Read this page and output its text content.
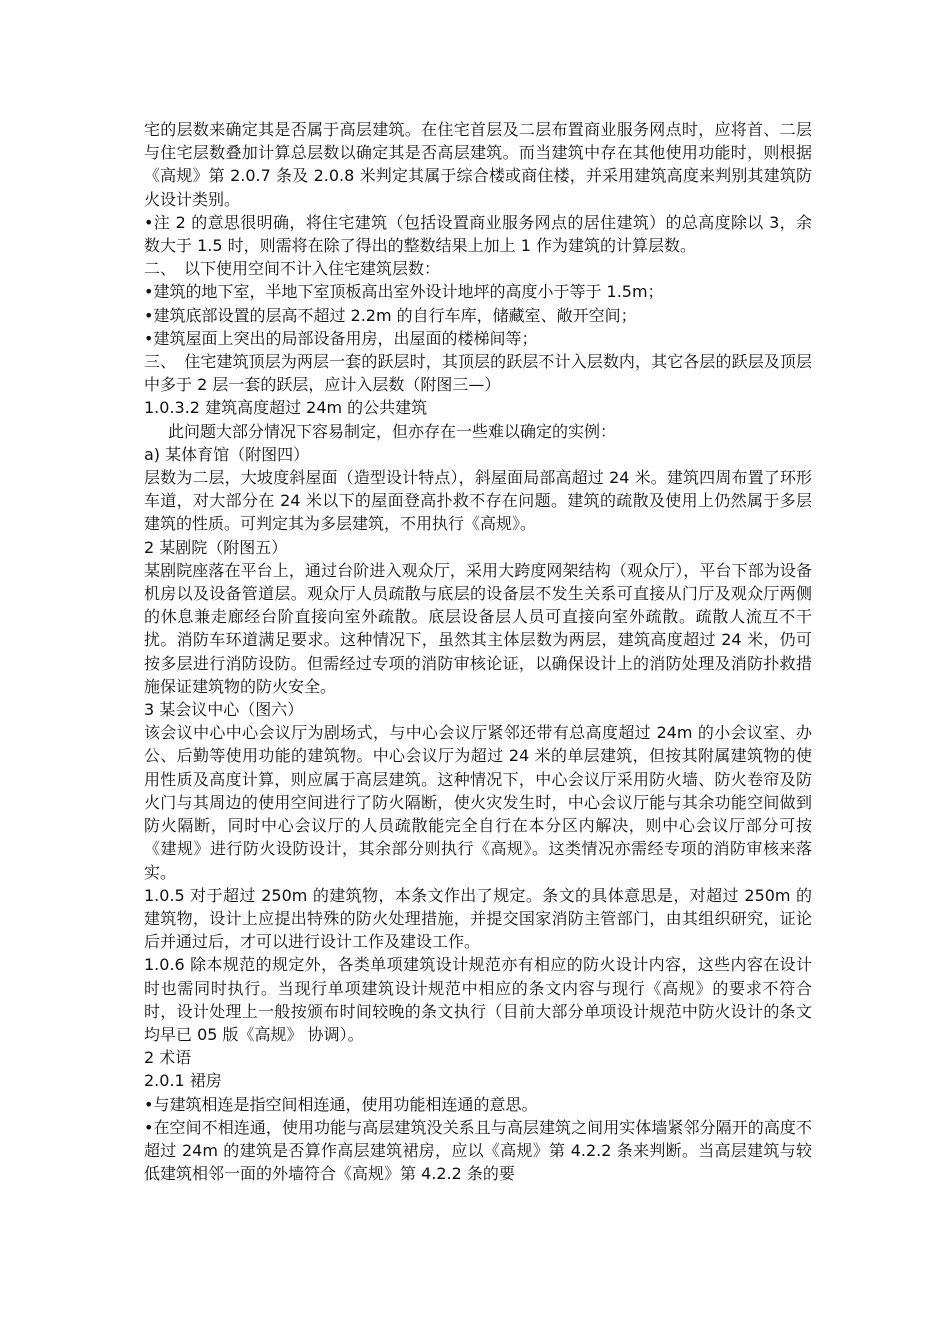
宅的层数来确定其是否属于高层建筑。在住宅首层及二层布置商业服务网点时，应将首、二层与住宅层数叠加计算总层数以确定其是否高层建筑。而当建筑中存在其他使用功能时，则根据《高规》第 2.0.7 条及 2.0.8 米判定其属于综合楼或商住楼，并采用建筑高度来判别其建筑防火设计类别。

•注 2 的意思很明确，将住宅建筑（包括设置商业服务网点的居住建筑）的总高度除以 3，余数大于 1.5 时，则需将在除了得出的整数结果上加上 1 作为建筑的计算层数。

二、　以下使用空间不计入住宅建筑层数：

•建筑的地下室，半地下室顶板高出室外设计地坪的高度小于等于 1.5m；

•建筑底部设置的层高不超过 2.2m 的自行车库，储藏室、敞开空间；

•建筑屋面上突出的局部设备用房，出屋面的楼梯间等；

三、　住宅建筑顶层为两层一套的跃层时，其顶层的跃层不计入层数内，其它各层的跃层及顶层中多于 2 层一套的跃层，应计入层数（附图三—）

1.0.3.2 建筑高度超过 24m 的公共建筑

此问题大部分情况下容易制定，但亦存在一些难以确定的实例：

a) 某体育馆（附图四）

层数为二层，大坡度斜屋面（造型设计特点），斜屋面局部高超过 24 米。建筑四周布置了环形车道，对大部分在 24 米以下的屋面登高扑救不存在问题。建筑的疏散及使用上仍然属于多层建筑的性质。可判定其为多层建筑，不用执行《高规》。

2 某剧院（附图五）

某剧院座落在平台上，通过台阶进入观众厅，采用大跨度网架结构（观众厅），平台下部为设备机房以及设备管道层。观众厅人员疏散与底层的设备层不发生关系可直接从门厅及观众厅两侧的休息兼走廊经台阶直接向室外疏散。底层设备层人员可直接向室外疏散。疏散人流互不干扰。消防车环道满足要求。这种情况下，虽然其主体层数为两层，建筑高度超过 24 米，仍可按多层进行消防设防。但需经过专项的消防审核论证，以确保设计上的消防处理及消防扑救措施保证建筑物的防火安全。

3 某会议中心（图六）

该会议中心中心会议厅为剧场式，与中心会议厅紧邻还带有总高度超过 24m 的小会议室、办公、后勤等使用功能的建筑物。中心会议厅为超过 24 米的单层建筑，但按其附属建筑物的使用性质及高度计算，则应属于高层建筑。这种情况下，中心会议厅采用防火墙、防火卷帘及防火门与其周边的使用空间进行了防火隔断，使火灾发生时，中心会议厅能与其余功能空间做到防火隔断，同时中心会议厅的人员疏散能完全自行在本分区内解决，则中心会议厅部分可按《建规》进行防火设防设计，其余部分则执行《高规》。这类情况亦需经专项的消防审核来落实。

1.0.5 对于超过 250m 的建筑物，本条文作出了规定。条文的具体意思是，对超过 250m 的建筑物，设计上应提出特殊的防火处理措施，并提交国家消防主管部门，由其组织研究，证论后并通过后，才可以进行设计工作及建设工作。

1.0.6 除本规范的规定外，各类单项建筑设计规范亦有相应的防火设计内容，这些内容在设计时也需同时执行。当现行单项建筑设计规范中相应的条文内容与现行《高规》的要求不符合时，设计处理上一般按颁布时间较晚的条文执行（目前大部分单项设计规范中防火设计的条文均早已 05 版《高规》 协调）。

2 术语

2.0.1 裙房

•与建筑相连是指空间相连通，使用功能相连通的意思。

•在空间不相连通，使用功能与高层建筑没关系且与高层建筑之间用实体墙紧邻分隔开的高度不超过 24m 的建筑是否算作高层建筑裙房，应以《高规》第 4.2.2 条来判断。当高层建筑与较低建筑相邻一面的外墙符合《高规》第 4.2.2 条的要
